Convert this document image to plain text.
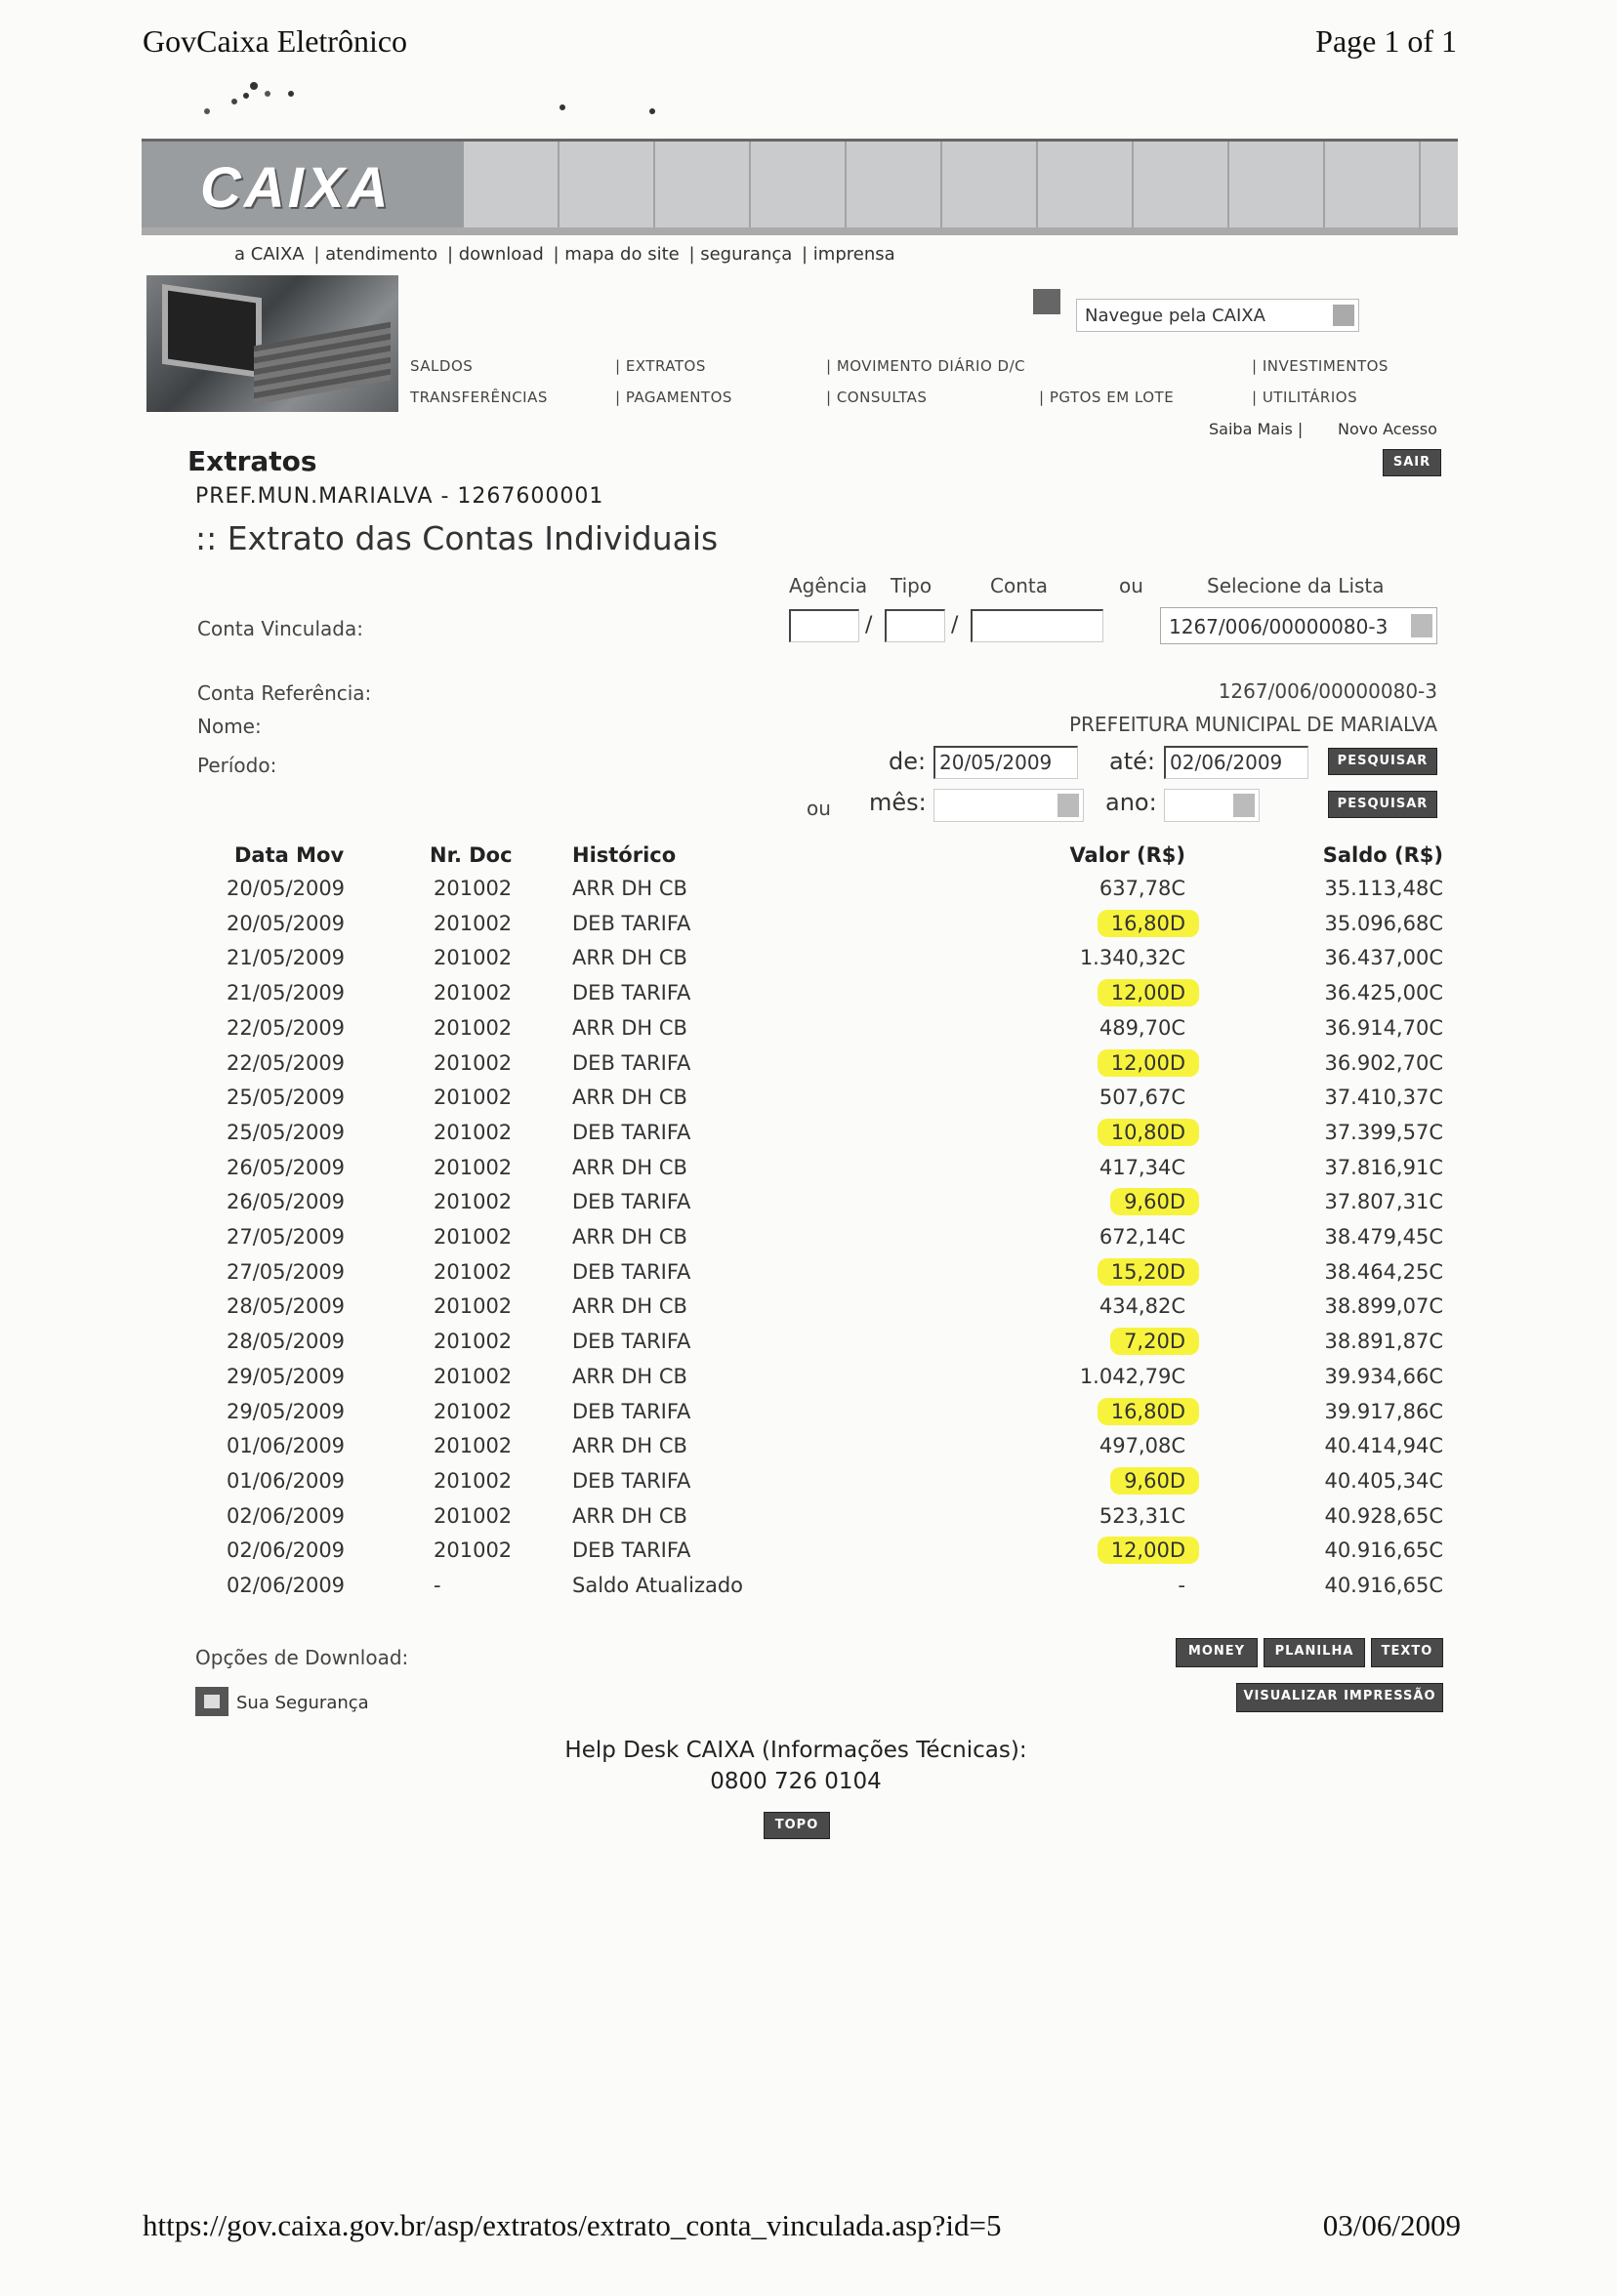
GovCaixa Eletrônico	Page 1 of 1
CAIXA
a CAIXA | atendimento | download | mapa do site | segurança | imprensa
Navegue pela CAIXA
SALDOS
TRANSFERÊNCIAS
| EXTRATOS
| PAGAMENTOS
| MOVIMENTO DIÁRIO D/C
| CONSULTAS	| PGTOS EM LOTE
| INVESTIMENTOS
| UTILITÁRIOS
Saiba Mais | Novo Acesso
SAIR
Extratos
PREF.MUN.MARIALVA - 1267600001
:: Extrato das Contas Individuais
Agência Tipo	Conta	ou	Selecione da Lista
Conta Vinculada:	/	/	1267/006/00000080-3
Conta Referência:	1267/006/00000080-3
Nome:	PREFEITURA MUNICIPAL DE MARIALVA
Período:	de: 20/05/2009	até: 02/06/2009	PESQUISAR
ou mês:	ano:	PESQUISAR
Data Mov	Nr. Doc	Histórico	Valor (R$)	Saldo (R$)
20/05/2009	201002	ARR DH CB	637,78C	35.113,48C
20/05/2009	201002	DEB TARIFA	16,80D	35.096,68C
21/05/2009	201002	ARR DH CB	1.340,32C	36.437,00C
21/05/2009	201002	DEB TARIFA	12,00D	36.425,00C
22/05/2009	201002	ARR DH CB	489,70C	36.914,70C
22/05/2009	201002	DEB TARIFA	12,00D	36.902,70C
25/05/2009	201002	ARR DH CB	507,67C	37.410,37C
25/05/2009	201002	DEB TARIFA	10,80D	37.399,57C
26/05/2009	201002	ARR DH CB	417,34C	37.816,91C
26/05/2009	201002	DEB TARIFA	9,60D	37.807,31C
27/05/2009	201002	ARR DH CB	672,14C	38.479,45C
27/05/2009	201002	DEB TARIFA	15,20D	38.464,25C
28/05/2009	201002	ARR DH CB	434,82C	38.899,07C
28/05/2009	201002	DEB TARIFA	7,20D	38.891,87C
29/05/2009	201002	ARR DH CB	1.042,79C	39.934,66C
29/05/2009	201002	DEB TARIFA	16,80D	39.917,86C
01/06/2009	201002	ARR DH CB	497,08C	40.414,94C
01/06/2009	201002	DEB TARIFA	9,60D	40.405,34C
02/06/2009	201002	ARR DH CB	523,31C	40.928,65C
02/06/2009	201002	DEB TARIFA	12,00D	40.916,65C
02/06/2009	-	Saldo Atualizado	-	40.916,65C
Opções de Download:	MONEY	PLANILHA	TEXTO
VISUALIZAR IMPRESSÃO
Sua Segurança
Help Desk CAIXA (Informações Técnicas):
0800 726 0104
TOPO
https://gov.caixa.gov.br/asp/extratos/extrato_conta_vinculada.asp?id=5	03/06/2009
